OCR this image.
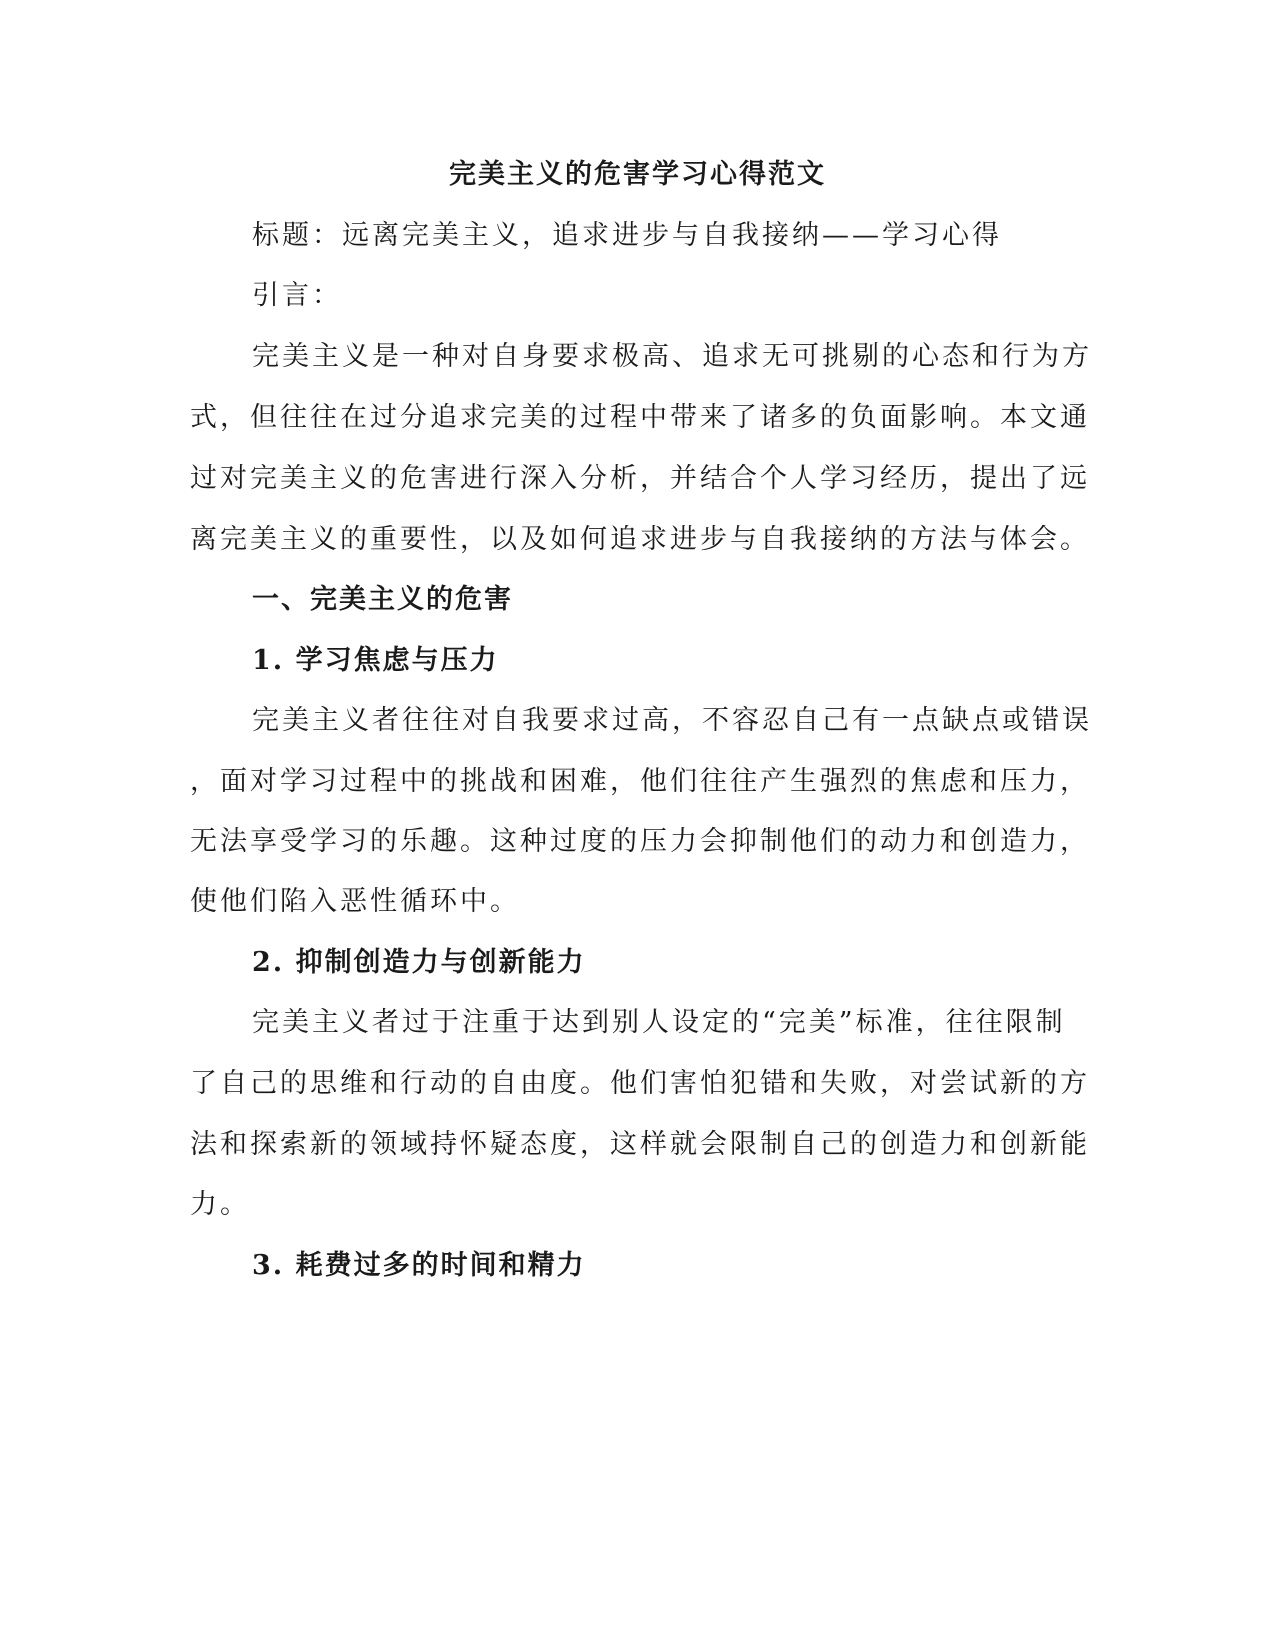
完美主义的危害学习心得范文

标题：远离完美主义，追求进步与自我接纳——学习心得

引言：

完美主义是一种对自身要求极高、追求无可挑剔的心态和行为方

式，但往往在过分追求完美的过程中带来了诸多的负面影响。本文通

过对完美主义的危害进行深入分析，并结合个人学习经历，提出了远

离完美主义的重要性，以及如何追求进步与自我接纳的方法与体会。

一、完美主义的危害

1. 学习焦虑与压力

完美主义者往往对自我要求过高，不容忍自己有一点缺点或错误

，面对学习过程中的挑战和困难，他们往往产生强烈的焦虑和压力，

无法享受学习的乐趣。这种过度的压力会抑制他们的动力和创造力，

使他们陷入恶性循环中。

2. 抑制创造力与创新能力

完美主义者过于注重于达到别人设定的“完美”标准，往往限制

了自己的思维和行动的自由度。他们害怕犯错和失败，对尝试新的方

法和探索新的领域持怀疑态度，这样就会限制自己的创造力和创新能

力。

3. 耗费过多的时间和精力
